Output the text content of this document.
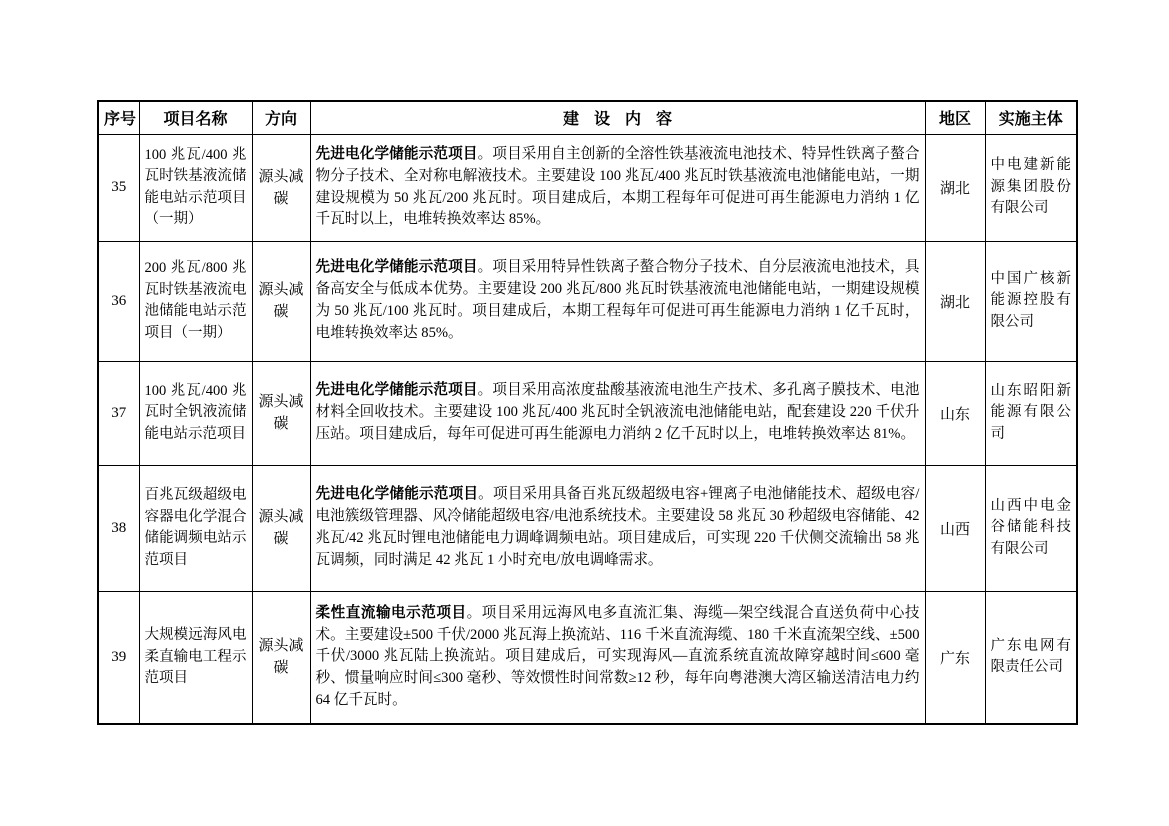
序号	项目名称	方向	建设内容	地区	实施主体
35	100 兆瓦/400 兆瓦时铁基液流储能电站示范项目（一期）	源头减碳	先进电化学储能示范项目。项目采用自主创新的全溶性铁基液流电池技术、特异性铁离子螯合物分子技术、全对称电解液技术。主要建设 100 兆瓦/400 兆瓦时铁基液流电池储能电站，一期建设规模为 50 兆瓦/200 兆瓦时。项目建成后，本期工程每年可促进可再生能源电力消纳 1 亿千瓦时以上，电堆转换效率达 85%。	湖北	中电建新能源集团股份有限公司
36	200 兆瓦/800 兆瓦时铁基液流电池储能电站示范项目（一期）	源头减碳	先进电化学储能示范项目。项目采用特异性铁离子螯合物分子技术、自分层液流电池技术，具备高安全与低成本优势。主要建设 200 兆瓦/800 兆瓦时铁基液流电池储能电站，一期建设规模为 50 兆瓦/100 兆瓦时。项目建成后，本期工程每年可促进可再生能源电力消纳 1 亿千瓦时，电堆转换效率达 85%。	湖北	中国广核新能源控股有限公司
37	100 兆瓦/400 兆瓦时全钒液流储能电站示范项目	源头减碳	先进电化学储能示范项目。项目采用高浓度盐酸基液流电池生产技术、多孔离子膜技术、电池材料全回收技术。主要建设 100 兆瓦/400 兆瓦时全钒液流电池储能电站，配套建设 220 千伏升压站。项目建成后，每年可促进可再生能源电力消纳 2 亿千瓦时以上，电堆转换效率达 81%。	山东	山东昭阳新能源有限公司
38	百兆瓦级超级电容器电化学混合储能调频电站示范项目	源头减碳	先进电化学储能示范项目。项目采用具备百兆瓦级超级电容+锂离子电池储能技术、超级电容/电池簇级管理器、风冷储能超级电容/电池系统技术。主要建设 58 兆瓦 30 秒超级电容储能、42 兆瓦/42 兆瓦时锂电池储能电力调峰调频电站。项目建成后，可实现 220 千伏侧交流输出 58 兆瓦调频，同时满足 42 兆瓦 1 小时充电/放电调峰需求。	山西	山西中电金谷储能科技有限公司
39	大规模远海风电柔直输电工程示范项目	源头减碳	柔性直流输电示范项目。项目采用远海风电多直流汇集、海缆—架空线混合直送负荷中心技术。主要建设±500 千伏/2000 兆瓦海上换流站、116 千米直流海缆、180 千米直流架空线、±500 千伏/3000 兆瓦陆上换流站。项目建成后，可实现海风—直流系统直流故障穿越时间≤600 毫秒、惯量响应时间≤300 毫秒、等效惯性时间常数≥12 秒，每年向粤港澳大湾区输送清洁电力约 64 亿千瓦时。	广东	广东电网有限责任公司
